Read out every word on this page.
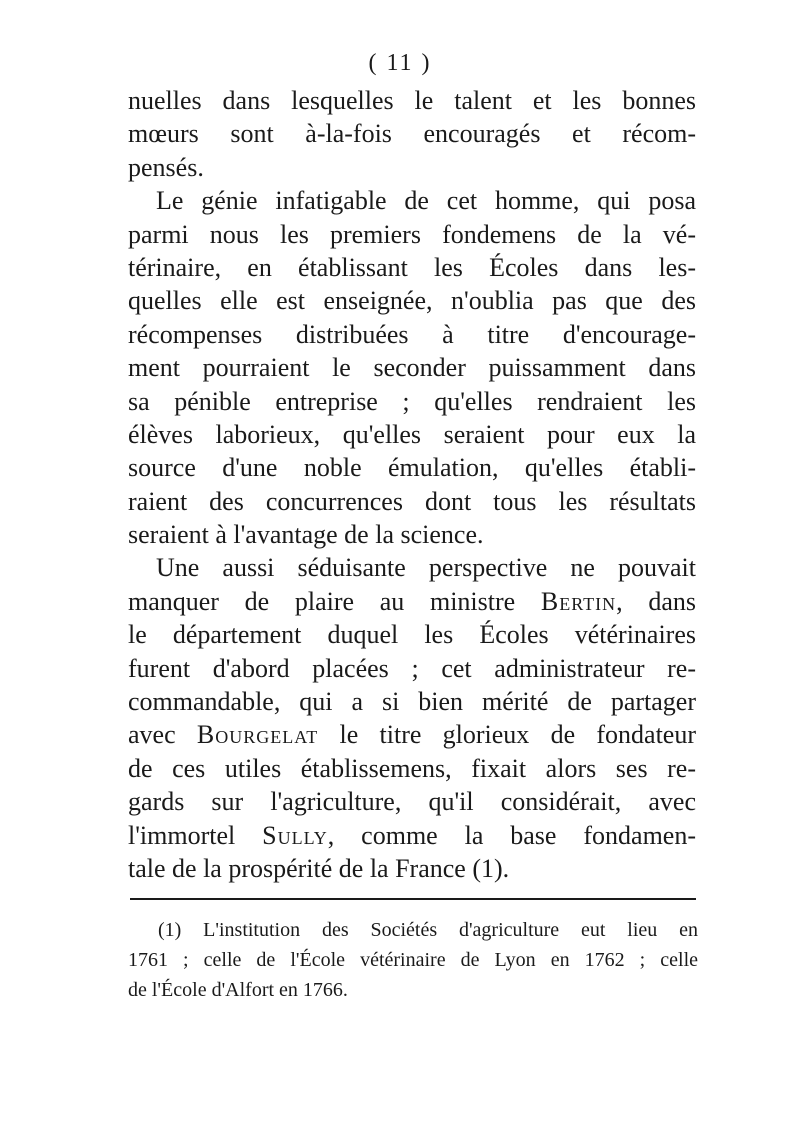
( 11 )
nuelles dans lesquelles le talent et les bonnes
mœurs sont à-la-fois encouragés et récom-
pensés.
Le génie infatigable de cet homme, qui posa
parmi nous les premiers fondemens de la vé-
térinaire, en établissant les Écoles dans les-
quelles elle est enseignée, n'oublia pas que des
récompenses distribuées à titre d'encourage-
ment pourraient le seconder puissamment dans
sa pénible entreprise ; qu'elles rendraient les
élèves laborieux, qu'elles seraient pour eux la
source d'une noble émulation, qu'elles établi-
raient des concurrences dont tous les résultats
seraient à l'avantage de la science.
Une aussi séduisante perspective ne pouvait
manquer de plaire au ministre Bertin, dans
le département duquel les Écoles vétérinaires
furent d'abord placées ; cet administrateur re-
commandable, qui a si bien mérité de partager
avec Bourgelat le titre glorieux de fondateur
de ces utiles établissemens, fixait alors ses re-
gards sur l'agriculture, qu'il considérait, avec
l'immortel Sully, comme la base fondamen-
tale de la prospérité de la France (1).
(1) L'institution des Sociétés d'agriculture eut lieu en
1761 ; celle de l'École vétérinaire de Lyon en 1762 ; celle
de l'École d'Alfort en 1766.
